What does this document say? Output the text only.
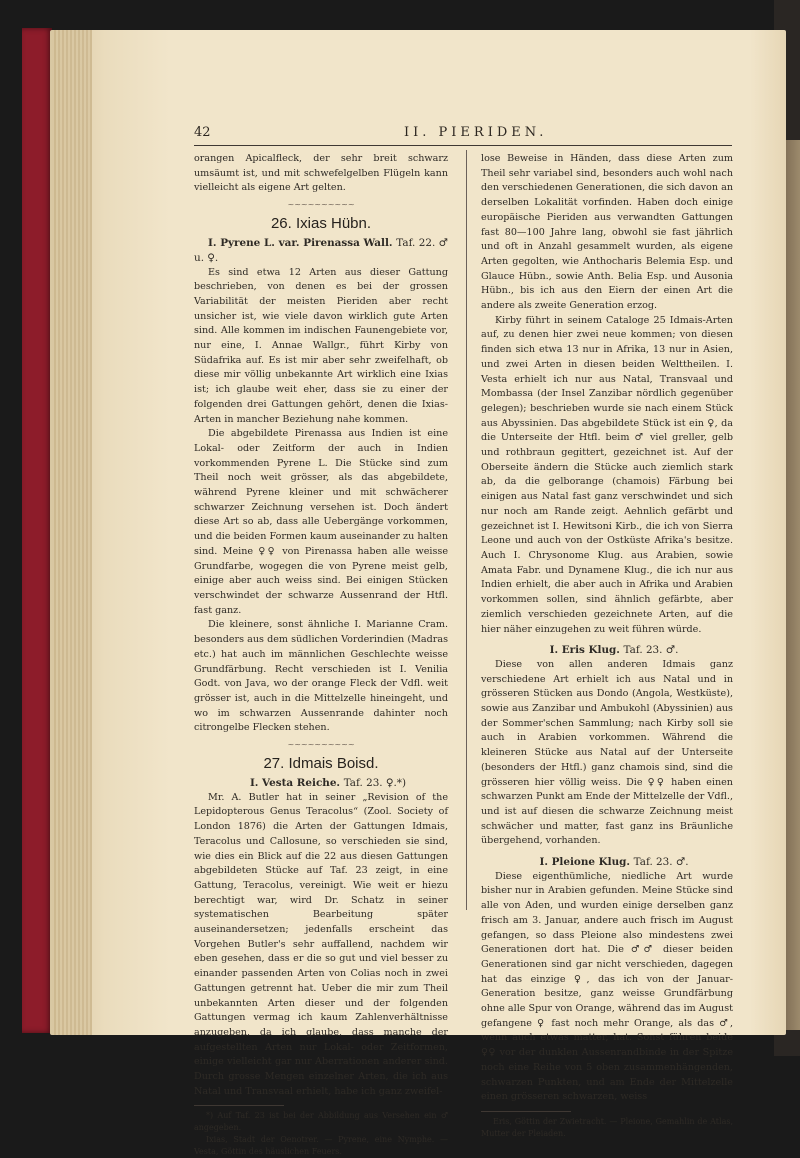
42	II. PIERIDEN.

orangen Apicalfleck, der sehr breit schwarz umsäumt ist, und mit schwefelgelben Flügeln kann vielleicht als eigene Art gelten.

~~~~~~~~~~
26. Ixias Hübn.

I. Pyrene L. var. Pirenassa Wall. Taf. 22. ♂ u. ♀.

Es sind etwa 12 Arten aus dieser Gattung beschrieben, von denen es bei der grossen Variabilität der meisten Pieriden aber recht unsicher ist, wie viele davon wirklich gute Arten sind. Alle kommen im indischen Faunengebiete vor, nur eine, I. Annae Wallgr., führt Kirby von Südafrika auf. Es ist mir aber sehr zweifelhaft, ob diese mir völlig unbekannte Art wirklich eine Ixias ist; ich glaube weit eher, dass sie zu einer der folgenden drei Gattungen gehört, denen die Ixias-Arten in mancher Beziehung nahe kommen.

Die abgebildete Pirenassa aus Indien ist eine Lokal- oder Zeitform der auch in Indien vorkommenden Pyrene L. Die Stücke sind zum Theil noch weit grösser, als das abgebildete, während Pyrene kleiner und mit schwächerer schwarzer Zeichnung versehen ist. Doch ändert diese Art so ab, dass alle Uebergänge vorkommen, und die beiden Formen kaum auseinander zu halten sind. Meine ♀♀ von Pirenassa haben alle weisse Grundfarbe, wogegen die von Pyrene meist gelb, einige aber auch weiss sind. Bei einigen Stücken verschwindet der schwarze Aussenrand der Htfl. fast ganz.

Die kleinere, sonst ähnliche I. Marianne Cram. besonders aus dem südlichen Vorderindien (Madras etc.) hat auch im männlichen Geschlechte weisse Grundfärbung. Recht verschieden ist I. Venilia Godt. von Java, wo der orange Fleck der Vdfl. weit grösser ist, auch in die Mittelzelle hineingeht, und wo im schwarzen Aussenrande dahinter noch citrongelbe Flecken stehen.

~~~~~~~~~~
27. Idmais Boisd.

I. Vesta Reiche. Taf. 23. ♀.*)

Mr. A. Butler hat in seiner „Revision of the Lepidopterous Genus Teracolus“ (Zool. Society of London 1876) die Arten der Gattungen Idmais, Teracolus und Callosune, so verschieden sie sind, wie dies ein Blick auf die 22 aus diesen Gattungen abgebildeten Stücke auf Taf. 23 zeigt, in eine Gattung, Teracolus, vereinigt. Wie weit er hiezu berechtigt war, wird Dr. Schatz in seiner systematischen Bearbeitung später auseinandersetzen; jedenfalls erscheint das Vorgehen Butler's sehr auffallend, nachdem wir eben gesehen, dass er die so gut und viel besser zu einander passenden Arten von Colias noch in zwei Gattungen getrennt hat. Ueber die mir zum Theil unbekannten Arten dieser und der folgenden Gattungen vermag ich kaum Zahlenverhältnisse anzugeben, da ich glaube, dass manche der aufgestellten Arten nur Lokal- oder Zeitformen, einige vielleicht gar nur Aberrationen anderer sind. Durch grosse Mengen einzelner Arten, die ich aus Natal und Transvaal erhielt, habe ich ganz zweifel-

*) Auf Taf. 23 ist bei der Abbildung aus Versehen ein ♂ angegeben.

Ixias, Stadt der Oenotrer. — Pyrene, eine Nymphe. — Vesta, Göttin des häuslichen Feuers.

lose Beweise in Händen, dass diese Arten zum Theil sehr variabel sind, besonders auch wohl nach den verschiedenen Generationen, die sich davon an derselben Lokalität vorfinden. Haben doch einige europäische Pieriden aus verwandten Gattungen fast 80—100 Jahre lang, obwohl sie fast jährlich und oft in Anzahl gesammelt wurden, als eigene Arten gegolten, wie Anthocharis Belemia Esp. und Glauce Hübn., sowie Anth. Belia Esp. und Ausonia Hübn., bis ich aus den Eiern der einen Art die andere als zweite Generation erzog.

Kirby führt in seinem Cataloge 25 Idmais-Arten auf, zu denen hier zwei neue kommen; von diesen finden sich etwa 13 nur in Afrika, 13 nur in Asien, und zwei Arten in diesen beiden Welttheilen. I. Vesta erhielt ich nur aus Natal, Transvaal und Mombassa (der Insel Zanzibar nördlich gegenüber gelegen); beschrieben wurde sie nach einem Stück aus Abyssinien. Das abgebildete Stück ist ein ♀, da die Unterseite der Htfl. beim ♂ viel greller, gelb und rothbraun gegittert, gezeichnet ist. Auf der Oberseite ändern die Stücke auch ziemlich stark ab, da die gelborange (chamois) Färbung bei einigen aus Natal fast ganz verschwindet und sich nur noch am Rande zeigt. Aehnlich gefärbt und gezeichnet ist I. Hewitsoni Kirb., die ich von Sierra Leone und auch von der Ostküste Afrika's besitze. Auch I. Chrysonome Klug. aus Arabien, sowie Amata Fabr. und Dynamene Klug., die ich nur aus Indien erhielt, die aber auch in Afrika und Arabien vorkommen sollen, sind ähnlich gefärbte, aber ziemlich verschieden gezeichnete Arten, auf die hier näher einzugehen zu weit führen würde.

I. Eris Klug. Taf. 23. ♂.

Diese von allen anderen Idmais ganz verschiedene Art erhielt ich aus Natal und in grösseren Stücken aus Dondo (Angola, Westküste), sowie aus Zanzibar und Ambukohl (Abyssinien) aus der Sommer'schen Sammlung; nach Kirby soll sie auch in Arabien vorkommen. Während die kleineren Stücke aus Natal auf der Unterseite (besonders der Htfl.) ganz chamois sind, sind die grösseren hier völlig weiss. Die ♀♀ haben einen schwarzen Punkt am Ende der Mittelzelle der Vdfl., und ist auf diesen die schwarze Zeichnung meist schwächer und matter, fast ganz ins Bräunliche übergehend, vorhanden.

I. Pleione Klug. Taf. 23. ♂.

Diese eigenthümliche, niedliche Art wurde bisher nur in Arabien gefunden. Meine Stücke sind alle von Aden, und wurden einige derselben ganz frisch am 3. Januar, andere auch frisch im August gefangen, so dass Pleione also mindestens zwei Generationen dort hat. Die ♂♂ dieser beiden Generationen sind gar nicht verschieden, dagegen hat das einzige ♀, das ich von der Januar-Generation besitze, ganz weisse Grundfärbung ohne alle Spur von Orange, während das im August gefangene ♀ fast noch mehr Orange, als das ♂, wenn auch etwas matter, hat. Sonst führen beide ♀♀ vor der dunklen Aussenrandbinde in der Spitze noch eine Reihe von 5 oben zusammenhängenden, schwarzen Punkten, und am Ende der Mittelzelle einen grösseren schwarzen, weiss

Eris, Göttin der Zwietracht. — Pleione, Gemahlin de Atlas, Mutter der Pleiaden.
